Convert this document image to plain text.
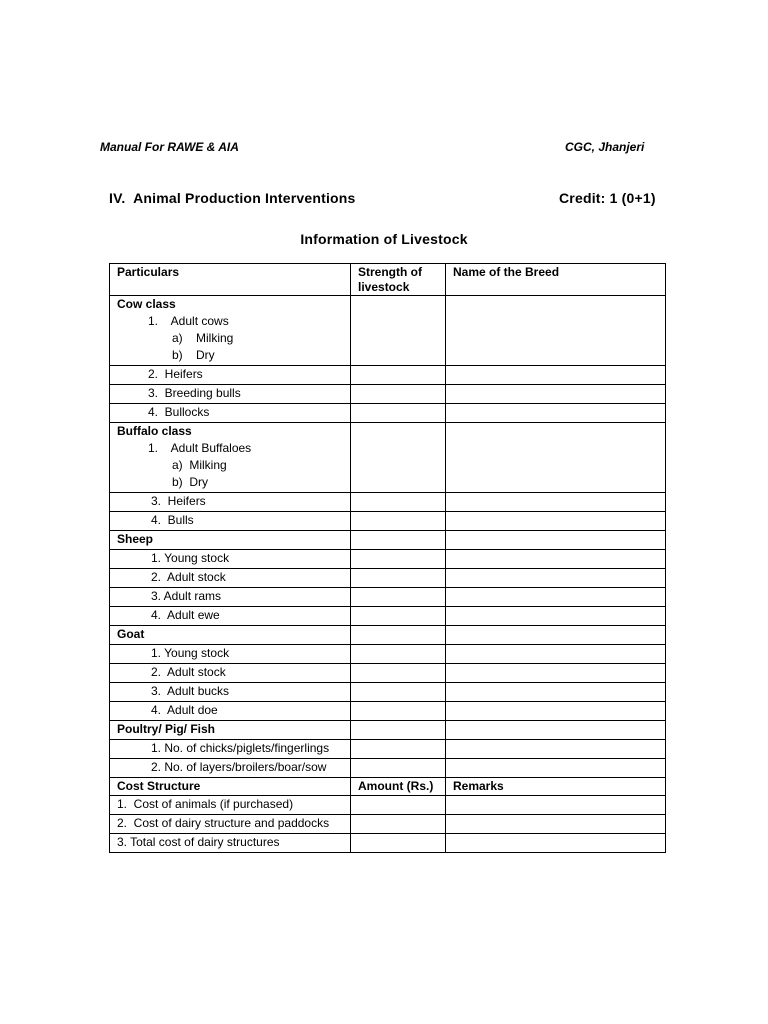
Manual For RAWE & AIA	CGC, Jhanjeri
IV.  Animal Production Interventions	Credit: 1 (0+1)
Information of Livestock
Particulars	Strength of livestock	Name of the Breed

Cow class
1.    Adult cows
a)    Milking
b)    Dry		

2.  Heifers		

3.  Breeding bulls		

4.  Bullocks		

Buffalo class
1.    Adult Buffaloes
a)  Milking
b)  Dry		

3.  Heifers		

4.  Bulls		

Sheep		

1. Young stock		

2.  Adult stock		

3. Adult rams		

4.  Adult ewe		

Goat		

1. Young stock		

2.  Adult stock		

3.  Adult bucks		

4.  Adult doe		

Poultry/ Pig/ Fish		

1. No. of chicks/piglets/fingerlings		

2. No. of layers/broilers/boar/sow		

Cost Structure	Amount (Rs.)	Remarks

1.  Cost of animals (if purchased)		

2.  Cost of dairy structure and paddocks		

3. Total cost of dairy structures		
